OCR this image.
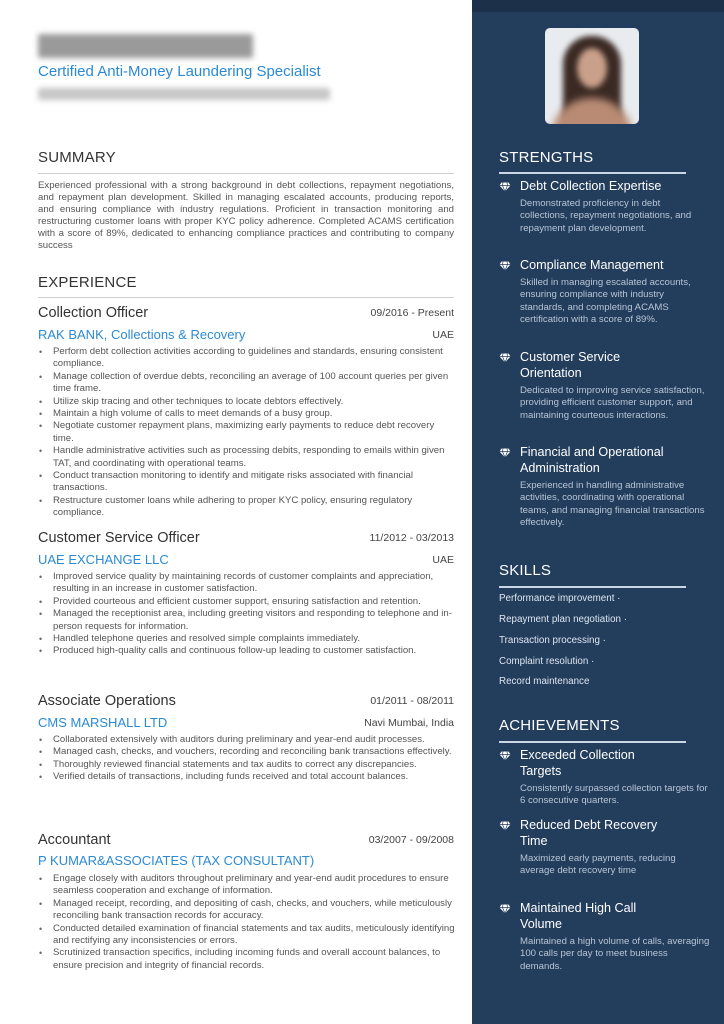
Certified Anti-Money Laundering Specialist
SUMMARY
Experienced professional with a strong background in debt collections, repayment negotiations, and repayment plan development. Skilled in managing escalated accounts, producing reports, and ensuring compliance with industry regulations. Proficient in transaction monitoring and restructuring customer loans with proper KYC policy adherence. Completed ACAMS certification with a score of 89%, dedicated to enhancing compliance practices and contributing to company success
EXPERIENCE
Collection Officer	09/2016 - Present
RAK BANK, Collections & Recovery	UAE
• Perform debt collection activities according to guidelines and standards, ensuring consistent compliance.
• Manage collection of overdue debts, reconciling an average of 100 account queries per given time frame.
• Utilize skip tracing and other techniques to locate debtors effectively.
• Maintain a high volume of calls to meet demands of a busy group.
• Negotiate customer repayment plans, maximizing early payments to reduce debt recovery time.
• Handle administrative activities such as processing debits, responding to emails within given TAT, and coordinating with operational teams.
• Conduct transaction monitoring to identify and mitigate risks associated with financial transactions.
• Restructure customer loans while adhering to proper KYC policy, ensuring regulatory compliance.
Customer Service Officer	11/2012 - 03/2013
UAE EXCHANGE LLC	UAE
• Improved service quality by maintaining records of customer complaints and appreciation, resulting in an increase in customer satisfaction.
• Provided courteous and efficient customer support, ensuring satisfaction and retention.
• Managed the receptionist area, including greeting visitors and responding to telephone and in-person requests for information.
• Handled telephone queries and resolved simple complaints immediately.
• Produced high-quality calls and continuous follow-up leading to customer satisfaction.
Associate Operations	01/2011 - 08/2011
CMS MARSHALL LTD	Navi Mumbai, India
• Collaborated extensively with auditors during preliminary and year-end audit processes.
• Managed cash, checks, and vouchers, recording and reconciling bank transactions effectively.
• Thoroughly reviewed financial statements and tax audits to correct any discrepancies.
• Verified details of transactions, including funds received and total account balances.
Accountant	03/2007 - 09/2008
P KUMAR&ASSOCIATES (TAX CONSULTANT)
• Engage closely with auditors throughout preliminary and year-end audit procedures to ensure seamless cooperation and exchange of information.
• Managed receipt, recording, and depositing of cash, checks, and vouchers, while meticulously reconciling bank transaction records for accuracy.
• Conducted detailed examination of financial statements and tax audits, meticulously identifying and rectifying any inconsistencies or errors.
• Scrutinized transaction specifics, including incoming funds and overall account balances, to ensure precision and integrity of financial records.
STRENGTHS
Debt Collection Expertise
Demonstrated proficiency in debt collections, repayment negotiations, and repayment plan development.
Compliance Management
Skilled in managing escalated accounts, ensuring compliance with industry standards, and completing ACAMS certification with a score of 89%.
Customer Service Orientation
Dedicated to improving service satisfaction, providing efficient customer support, and maintaining courteous interactions.
Financial and Operational Administration
Experienced in handling administrative activities, coordinating with operational teams, and managing financial transactions effectively.
SKILLS
Performance improvement ·
Repayment plan negotiation ·
Transaction processing ·
Complaint resolution ·
Record maintenance
ACHIEVEMENTS
Exceeded Collection Targets
Consistently surpassed collection targets for 6 consecutive quarters.
Reduced Debt Recovery Time
Maximized early payments, reducing average debt recovery time
Maintained High Call Volume
Maintained a high volume of calls, averaging 100 calls per day to meet business demands.
